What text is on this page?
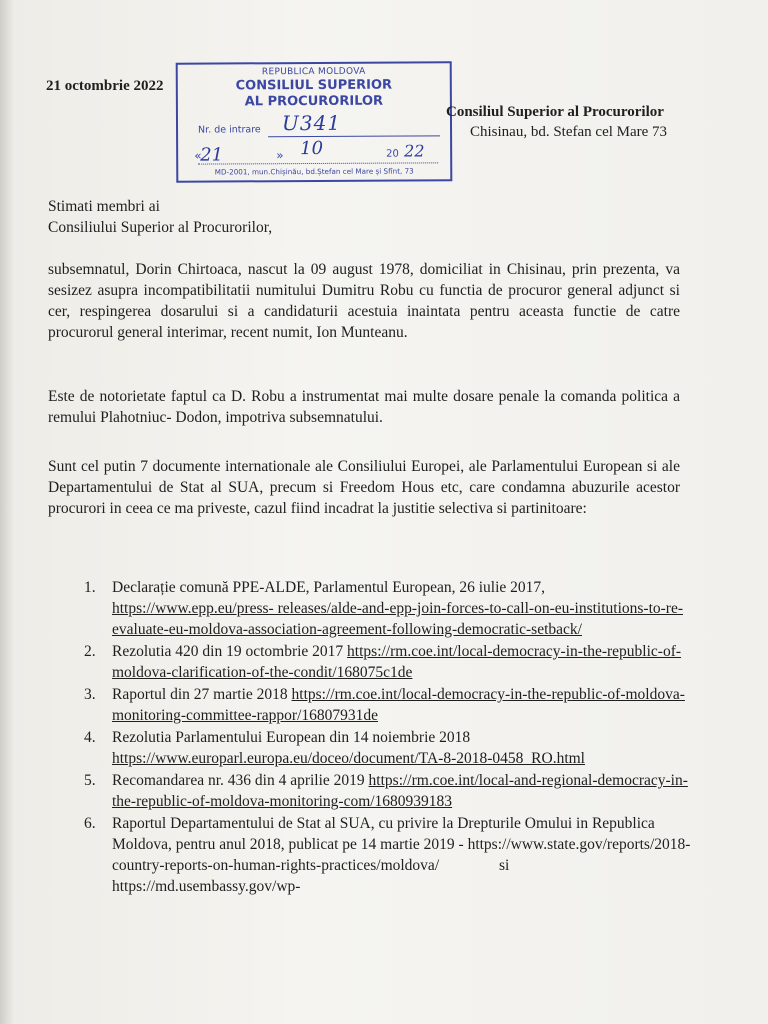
21 octombrie 2022
REPUBLICA MOLDOVA
CONSILIUL SUPERIOR
AL PROCURORILOR
Nr. de intrare U341
«
21	» 10	20 22
MD-2001, mun.Chișinău, bd.Ștefan cel Mare și Sfînt, 73
Consiliul Superior al Procurorilor
Chisinau, bd. Stefan cel Mare 73
Stimati membri ai
Consiliului Superior al Procurorilor,
subsemnatul, Dorin Chirtoaca, nascut la 09 august 1978, domiciliat in Chisinau, prin prezenta, va sesizez asupra incompatibilitatii numitului Dumitru Robu cu functia de procuror general adjunct si cer, respingerea dosarului si a candidaturii acestuia inaintata pentru aceasta functie de catre procurorul general interimar, recent numit, Ion Munteanu.
Este de notorietate faptul ca D. Robu a instrumentat mai multe dosare penale la comanda politica a remului Plahotniuc- Dodon, impotriva subsemnatului.
Sunt cel putin 7 documente internationale ale Consiliului Europei, ale Parlamentului European si ale Departamentului de Stat al SUA, precum si Freedom Hous etc, care condamna abuzurile acestor procurori in ceea ce ma priveste, cazul fiind incadrat la justitie selectiva si partinitoare:
1. Declarație comună PPE-ALDE, Parlamentul European, 26 iulie 2017, https://www.epp.eu/press- releases/alde-and-epp-join-forces-to-call-on-eu-institutions-to-re-evaluate-eu-moldova-association-agreement-following-democratic-setback/
2. Rezolutia 420 din 19 octombrie 2017 https://rm.coe.int/local-democracy-in-the-republic-of-moldova-clarification-of-the-condit/168075c1de
3. Raportul din 27 martie 2018 https://rm.coe.int/local-democracy-in-the-republic-of-moldova-monitoring-committee-rappor/16807931de
4. Rezolutia Parlamentului European din 14 noiembrie 2018 https://www.europarl.europa.eu/doceo/document/TA-8-2018-0458_RO.html
5. Recomandarea nr. 436 din 4 aprilie 2019 https://rm.coe.int/local-and-regional-democracy-in-the-republic-of-moldova-monitoring-com/1680939183
6. Raportul Departamentului de Stat al SUA, cu privire la Drepturile Omului in Republica Moldova, pentru anul 2018, publicat pe 14 martie 2019 - https://www.state.gov/reports/2018-country-reports-on-human-rights-practices/moldova/	sihttps://md.usembassy.gov/wp-
